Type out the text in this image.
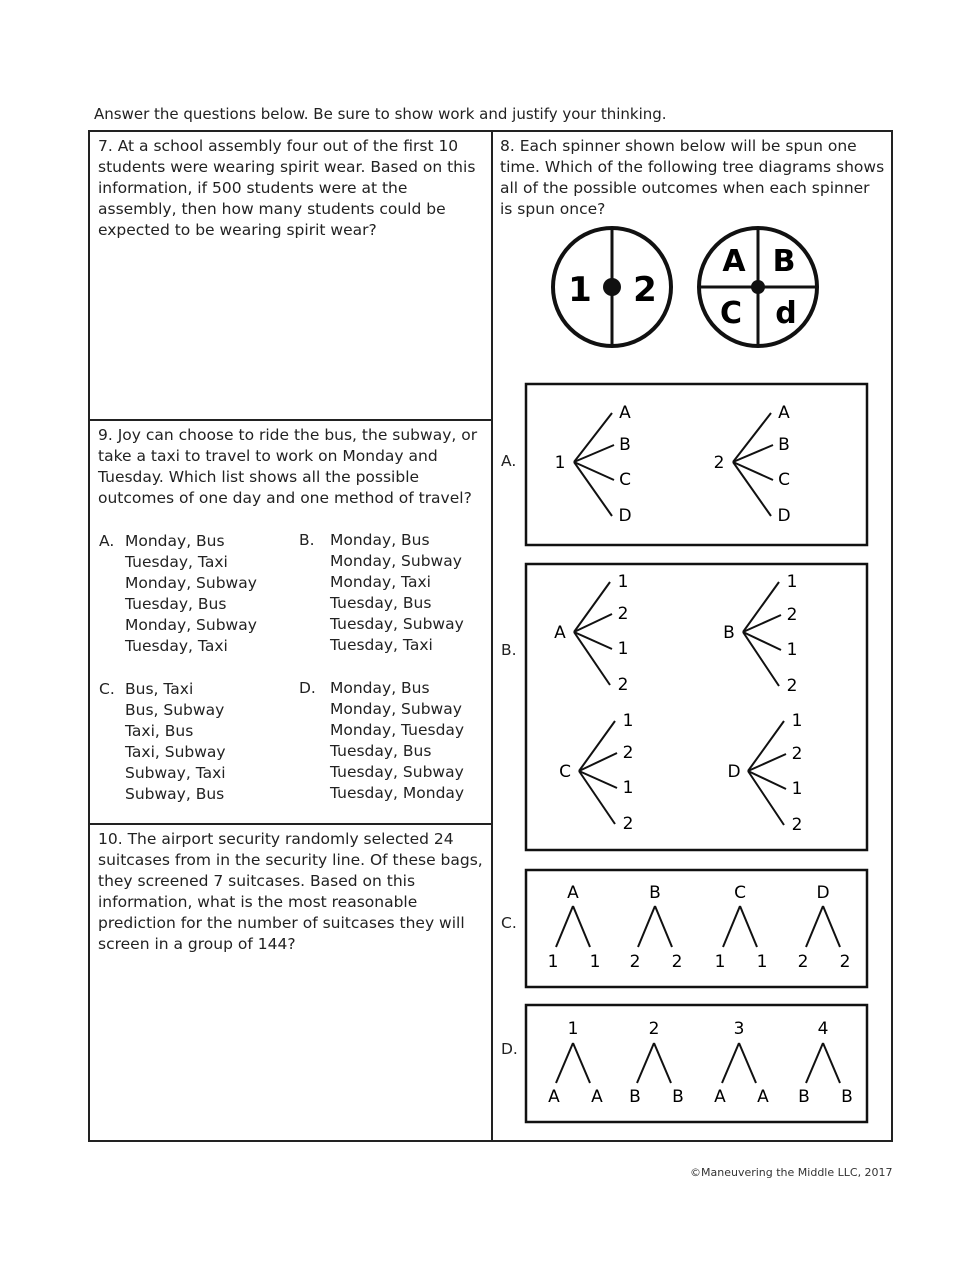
Answer the questions below. Be sure to show work and justify your thinking.
7. At a school assembly four out of the first 10 students were wearing spirit wear. Based on this information, if 500 students were at the assembly, then how many students could be expected to be wearing spirit wear?
9. Joy can choose to ride the bus, the subway, or take a taxi to travel to work on Monday and Tuesday. Which list shows all the possible outcomes of one day and one method of travel?
A. Monday, Bus
Tuesday, Taxi
Monday, Subway
Tuesday, Bus
Monday, Subway
Tuesday, Taxi
B. Monday, Bus
Monday, Subway
Monday, Taxi
Tuesday, Bus
Tuesday, Subway
Tuesday, Taxi
C. Bus, Taxi
Bus, Subway
Taxi, Bus
Taxi, Subway
Subway, Taxi
Subway, Bus
D. Monday, Bus
Monday, Subway
Monday, Tuesday
Tuesday, Bus
Tuesday, Subway
Tuesday, Monday
10. The airport security randomly selected 24 suitcases from in the security line. Of these bags, they screened 7 suitcases. Based on this information, what is the most reasonable prediction for the number of suitcases they will screen in a group of 144?
8. Each spinner shown below will be spun one time. Which of the following tree diagrams shows all of the possible outcomes when each spinner is spun once?
A.
B.
C.
D.
1 2
A B
C d
1
A
B
C
D
2
A
B
C
D
A
1
2
1
2
B
1
2
1
2
C
1
2
1
2
D
1
2
1
2
A
1 1
B
2 2
C
1 1
D
2 2
1
A A
2
B B
3
A A
4
B B
©Maneuvering the Middle LLC, 2017
